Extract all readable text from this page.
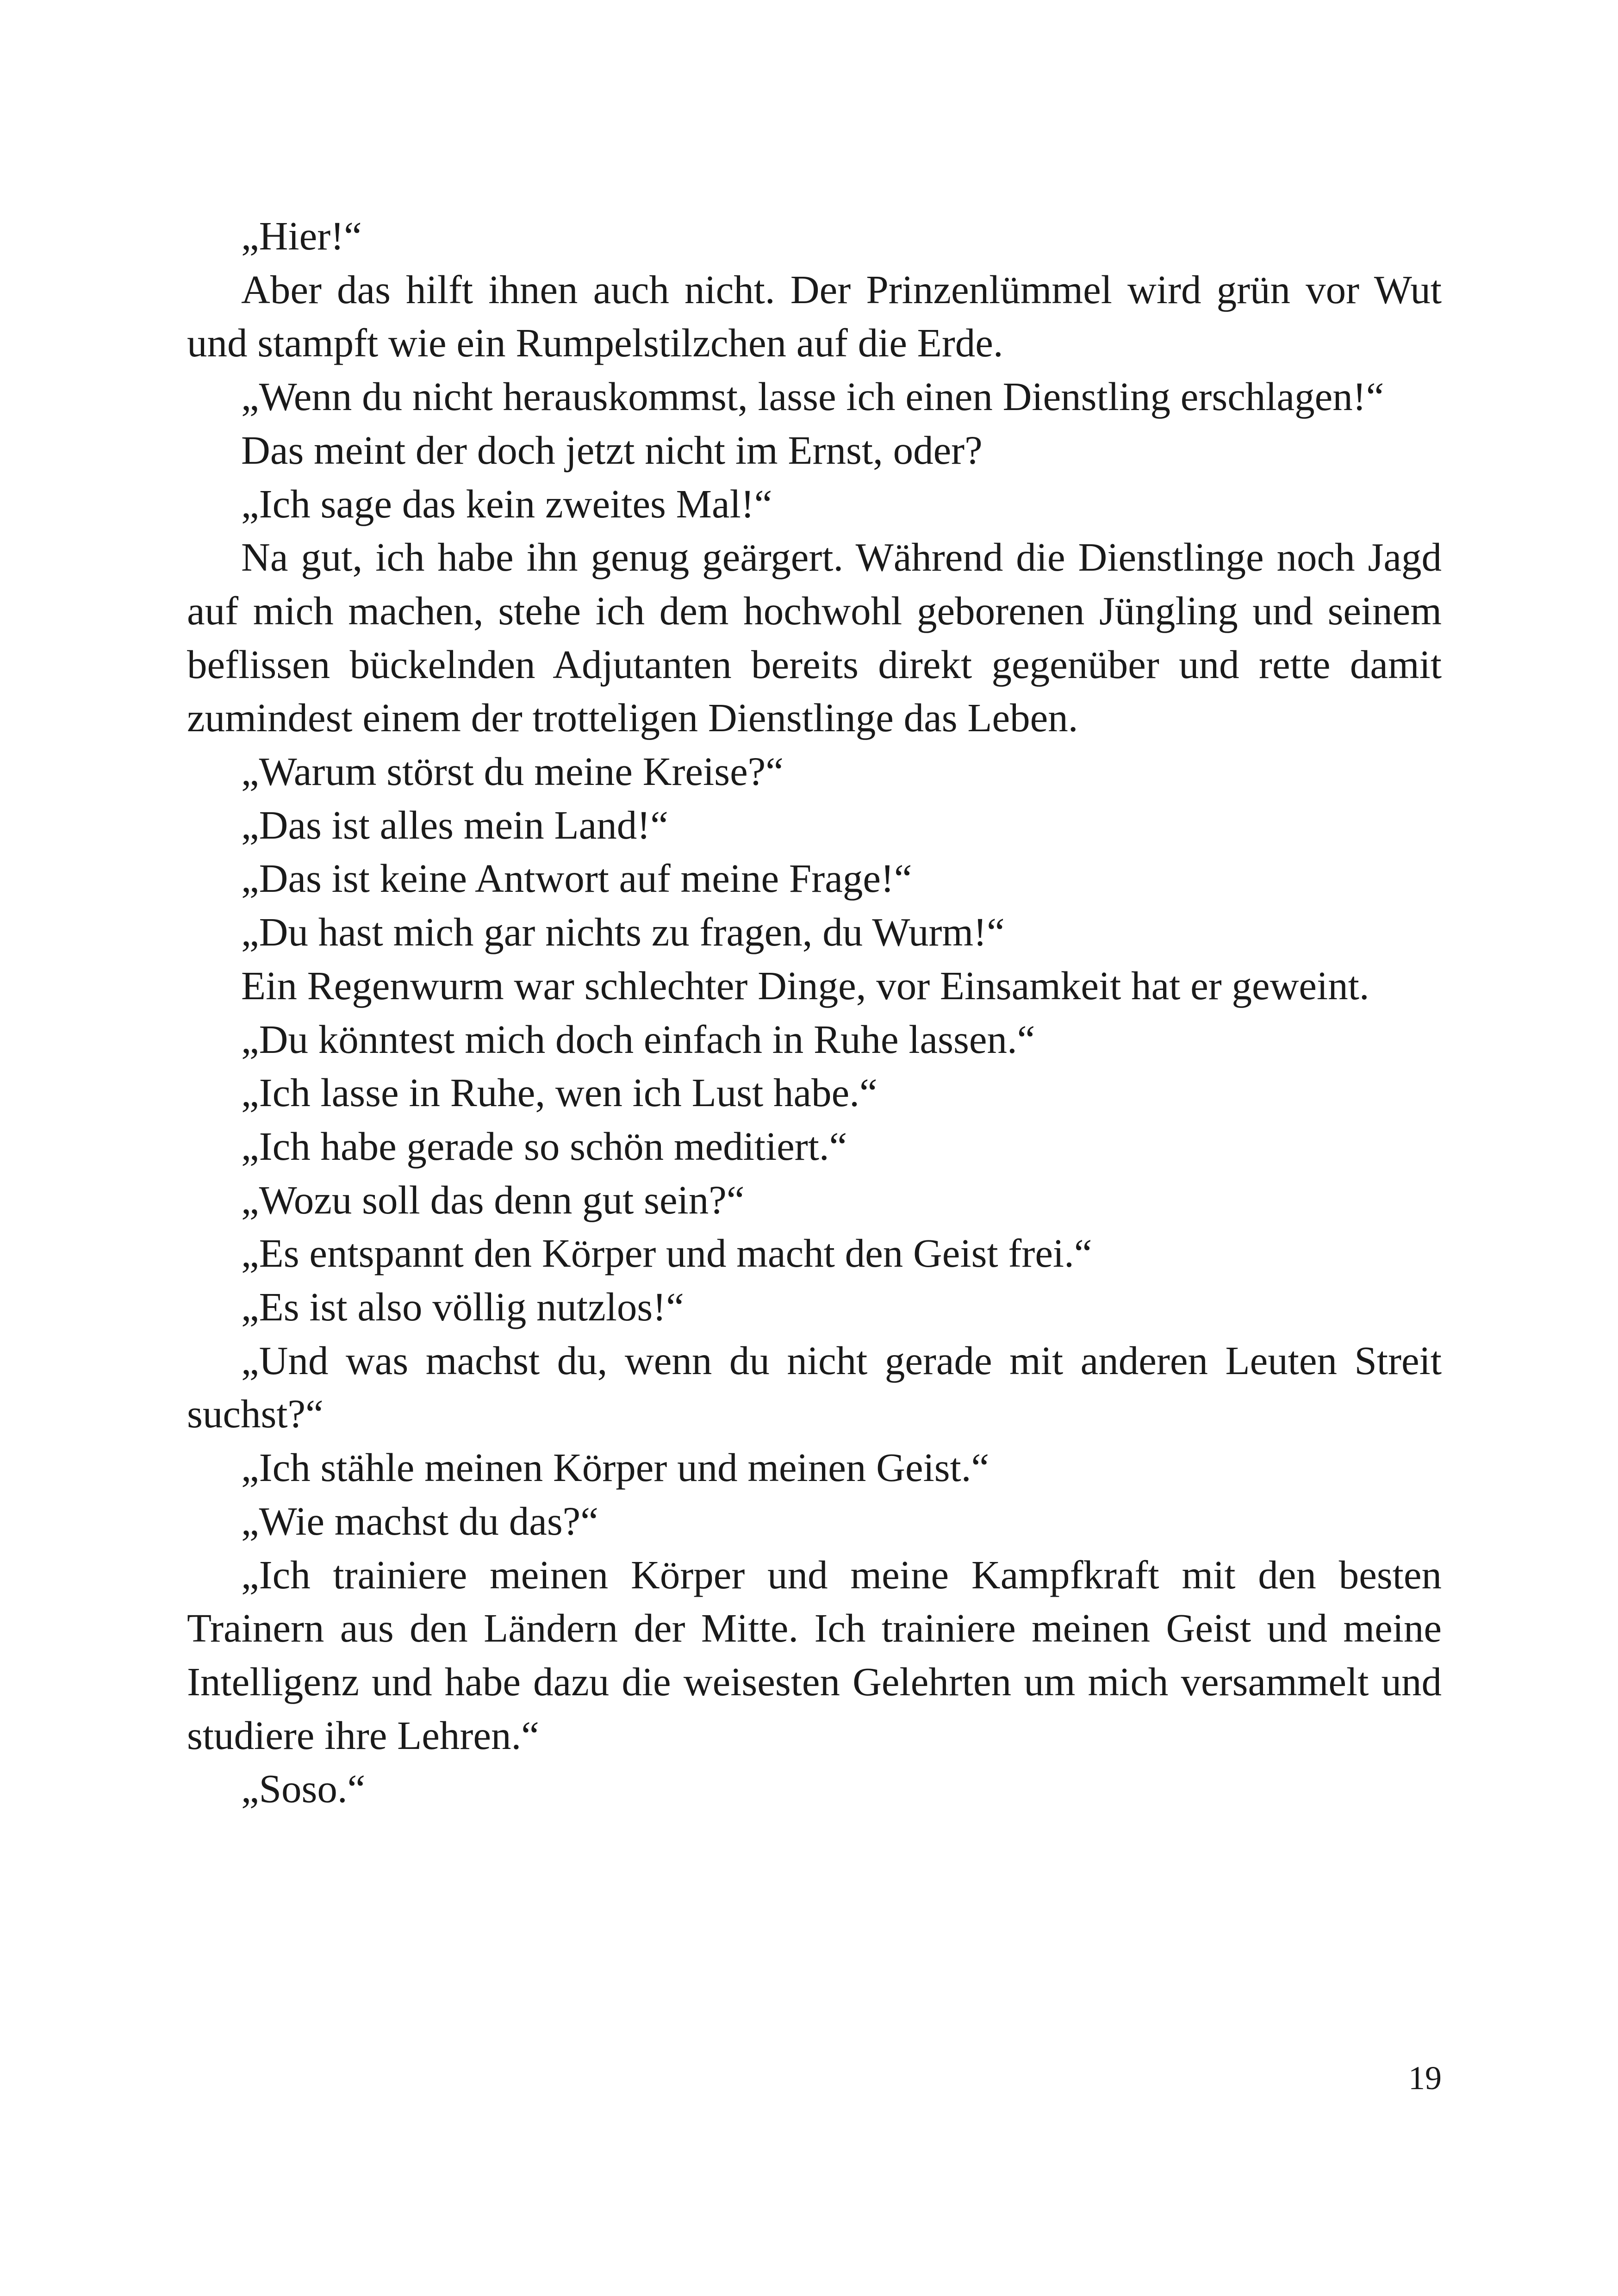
„Hier!“

Aber das hilft ihnen auch nicht. Der Prinzenlümmel wird grün vor Wut und stampft wie ein Rumpelstilzchen auf die Erde.

„Wenn du nicht herauskommst, lasse ich einen Dienstling erschlagen!“

Das meint der doch jetzt nicht im Ernst, oder?

„Ich sage das kein zweites Mal!“

Na gut, ich habe ihn genug geärgert. Während die Dienstlinge noch Jagd auf mich machen, stehe ich dem hochwohl geborenen Jüngling und seinem beflissen bückelnden Adjutanten bereits direkt gegenüber und rette damit zumindest einem der trotteligen Dienstlinge das Leben.

„Warum störst du meine Kreise?“

„Das ist alles mein Land!“

„Das ist keine Antwort auf meine Frage!“

„Du hast mich gar nichts zu fragen, du Wurm!“

Ein Regenwurm war schlechter Dinge, vor Einsamkeit hat er geweint.

„Du könntest mich doch einfach in Ruhe lassen.“

„Ich lasse in Ruhe, wen ich Lust habe.“

„Ich habe gerade so schön meditiert.“

„Wozu soll das denn gut sein?“

„Es entspannt den Körper und macht den Geist frei.“

„Es ist also völlig nutzlos!“

„Und was machst du, wenn du nicht gerade mit anderen Leuten Streit suchst?“

„Ich stähle meinen Körper und meinen Geist.“

„Wie machst du das?“

„Ich trainiere meinen Körper und meine Kampfkraft mit den besten Trainern aus den Ländern der Mitte. Ich trainiere meinen Geist und meine Intelligenz und habe dazu die weisesten Gelehrten um mich versammelt und studiere ihre Lehren.“

„Soso.“

19
